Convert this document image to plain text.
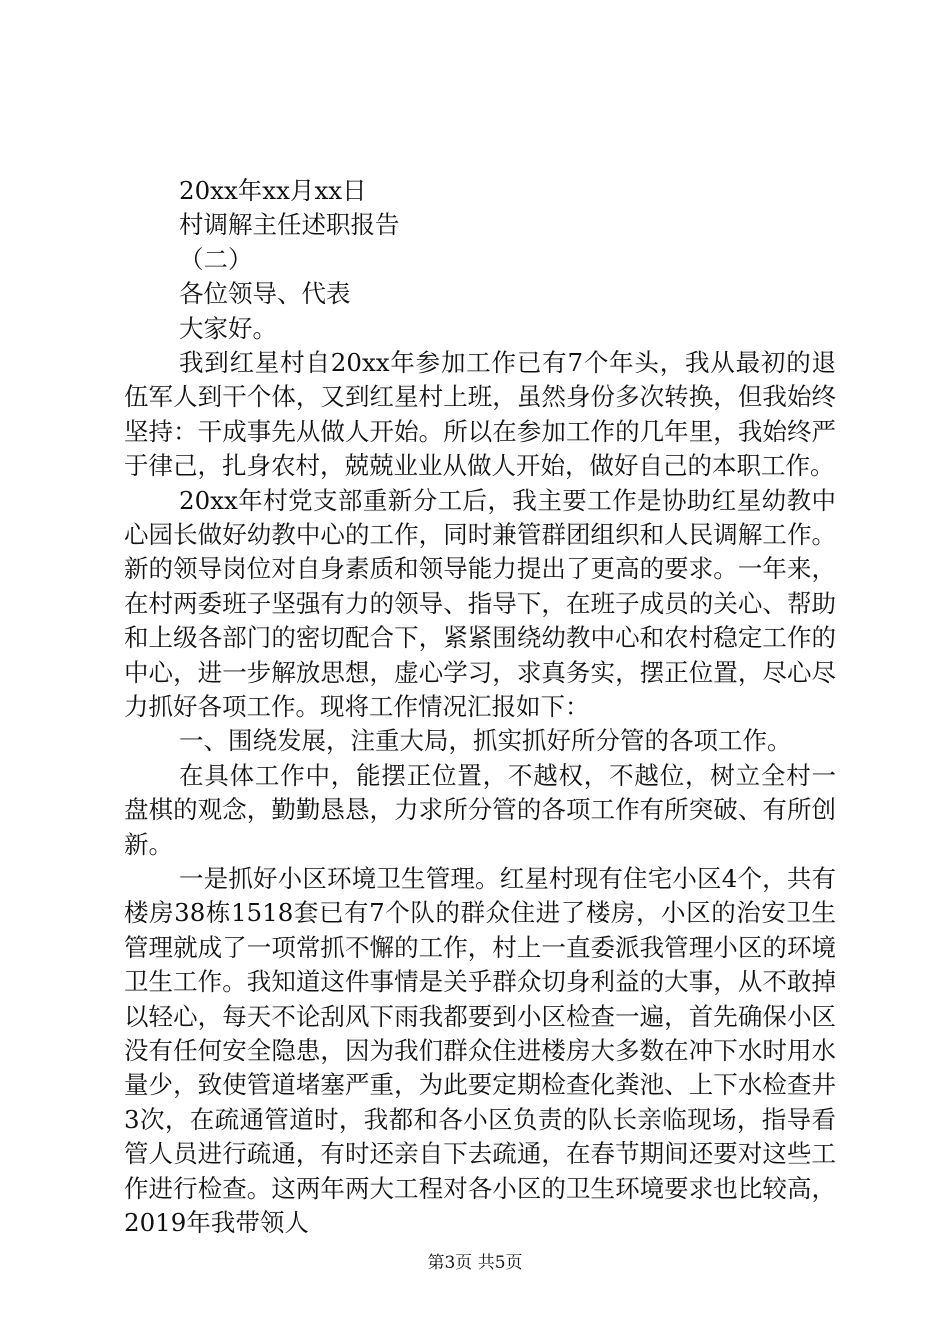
20xx年xx月xx日
村调解主任述职报告
（二）
各位领导、代表
大家好。

我到红星村自20xx年参加工作已有7个年头，我从最初的退伍军人到干个体，又到红星村上班，虽然身份多次转换，但我始终坚持：干成事先从做人开始。所以在参加工作的几年里，我始终严于律己，扎身农村，兢兢业业从做人开始，做好自己的本职工作。

20xx年村党支部重新分工后，我主要工作是协助红星幼教中心园长做好幼教中心的工作，同时兼管群团组织和人民调解工作。新的领导岗位对自身素质和领导能力提出了更高的要求。一年来，在村两委班子坚强有力的领导、指导下，在班子成员的关心、帮助和上级各部门的密切配合下，紧紧围绕幼教中心和农村稳定工作的中心，进一步解放思想，虚心学习，求真务实，摆正位置，尽心尽力抓好各项工作。现将工作情况汇报如下：

一、围绕发展，注重大局，抓实抓好所分管的各项工作。

在具体工作中，能摆正位置，不越权，不越位，树立全村一盘棋的观念，勤勤恳恳，力求所分管的各项工作有所突破、有所创新。

一是抓好小区环境卫生管理。红星村现有住宅小区4个，共有楼房38栋1518套已有7个队的群众住进了楼房，小区的治安卫生管理就成了一项常抓不懈的工作，村上一直委派我管理小区的环境卫生工作。我知道这件事情是关乎群众切身利益的大事，从不敢掉以轻心，每天不论刮风下雨我都要到小区检查一遍，首先确保小区没有任何安全隐患，因为我们群众住进楼房大多数在冲下水时用水量少，致使管道堵塞严重，为此要定期检查化粪池、上下水检查井3次，在疏通管道时，我都和各小区负责的队长亲临现场，指导看管人员进行疏通，有时还亲自下去疏通，在春节期间还要对这些工作进行检查。这两年两大工程对各小区的卫生环境要求也比较高，2019年我带领人

第3页 共5页
